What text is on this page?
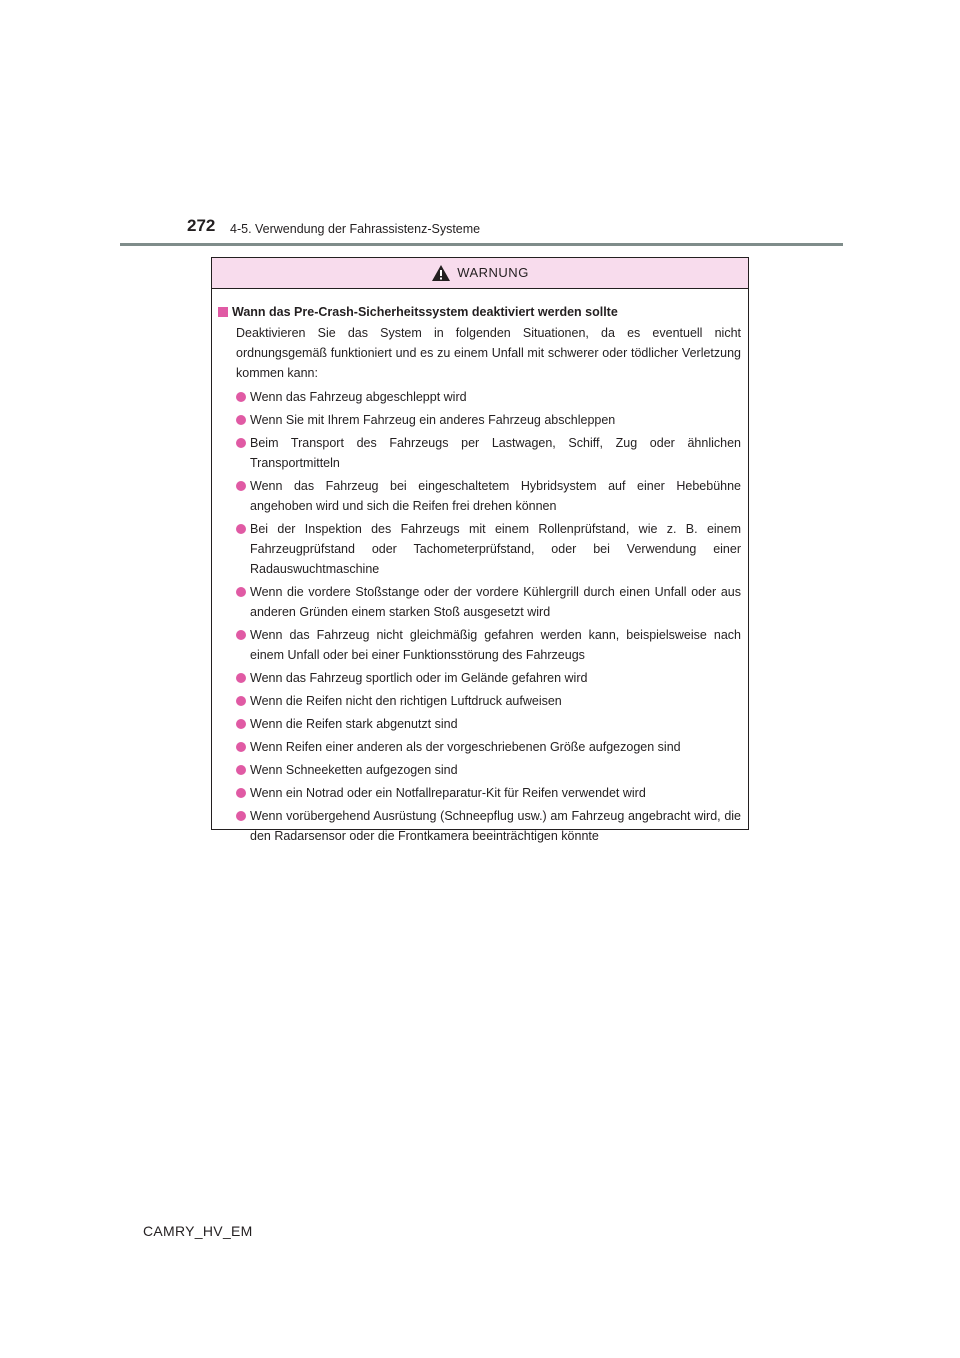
272 4-5. Verwendung der Fahrassistenz-Systeme
WARNUNG
Wann das Pre-Crash-Sicherheitssystem deaktiviert werden sollte
Deaktivieren Sie das System in folgenden Situationen, da es eventuell nicht ordnungsgemäß funktioniert und es zu einem Unfall mit schwerer oder tödlicher Verletzung kommen kann:
Wenn das Fahrzeug abgeschleppt wird
Wenn Sie mit Ihrem Fahrzeug ein anderes Fahrzeug abschleppen
Beim Transport des Fahrzeugs per Lastwagen, Schiff, Zug oder ähnlichen Transportmitteln
Wenn das Fahrzeug bei eingeschaltetem Hybridsystem auf einer Hebebühne angehoben wird und sich die Reifen frei drehen können
Bei der Inspektion des Fahrzeugs mit einem Rollenprüfstand, wie z. B. einem Fahrzeugprüfstand oder Tachometerprüfstand, oder bei Verwendung einer Radauswuchtmaschine
Wenn die vordere Stoßstange oder der vordere Kühlergrill durch einen Unfall oder aus anderen Gründen einem starken Stoß ausgesetzt wird
Wenn das Fahrzeug nicht gleichmäßig gefahren werden kann, beispielsweise nach einem Unfall oder bei einer Funktionsstörung des Fahrzeugs
Wenn das Fahrzeug sportlich oder im Gelände gefahren wird
Wenn die Reifen nicht den richtigen Luftdruck aufweisen
Wenn die Reifen stark abgenutzt sind
Wenn Reifen einer anderen als der vorgeschriebenen Größe aufgezogen sind
Wenn Schneeketten aufgezogen sind
Wenn ein Notrad oder ein Notfallreparatur-Kit für Reifen verwendet wird
Wenn vorübergehend Ausrüstung (Schneepflug usw.) am Fahrzeug angebracht wird, die den Radarsensor oder die Frontkamera beeinträchtigen könnte
CAMRY_HV_EM
